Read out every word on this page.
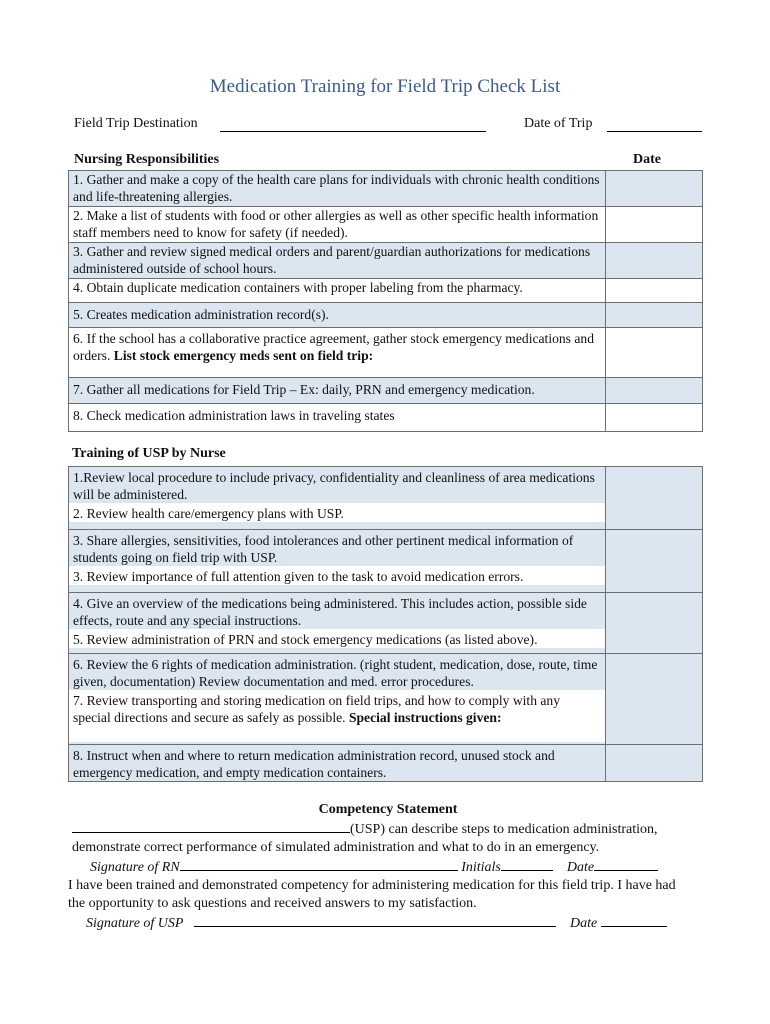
Medication Training for Field Trip Check List
Field Trip Destination	Date of Trip
Nursing Responsibilities	Date
1. Gather and make a copy of the health care plans for individuals with chronic health conditions and life-threatening allergies.	
2. Make a list of students with food or other allergies as well as other specific health information staff members need to know for safety (if needed).	
3. Gather and review signed medical orders and parent/guardian authorizations for medications administered outside of school hours.	
4. Obtain duplicate medication containers with proper labeling from the pharmacy.	
5. Creates medication administration record(s).	
6. If the school has a collaborative practice agreement, gather stock emergency medications and orders. List stock emergency meds sent on field trip:	
7. Gather all medications for Field Trip – Ex: daily, PRN and emergency medication.	
8. Check medication administration laws in traveling states	
Training of USP by Nurse
1.Review local procedure to include privacy, confidentiality and cleanliness of area medications will be administered.
2. Review health care/emergency plans with USP.	

3. Share allergies, sensitivities, food intolerances and other pertinent medical information of students going on field trip with USP.
3. Review importance of full attention given to the task to avoid medication errors.	

4. Give an overview of the medications being administered. This includes action, possible side effects, route and any special instructions.
5. Review administration of PRN and stock emergency medications (as listed above).	

6. Review the 6 rights of medication administration. (right student, medication, dose, route, time given, documentation) Review documentation and med. error procedures.
7. Review transporting and storing medication on field trips, and how to comply with any special directions and secure as safely as possible. Special instructions given:	

8. Instruct when and where to return medication administration record, unused stock and emergency medication, and empty medication containers.	

Competency Statement
(USP) can describe steps to medication administration,
demonstrate correct performance of simulated administration and what to do in an emergency.
Signature of RN	Initials	Date
I have been trained and demonstrated competency for administering medication for this field trip. I have had the opportunity to ask questions and received answers to my satisfaction.
Signature of USP	Date
